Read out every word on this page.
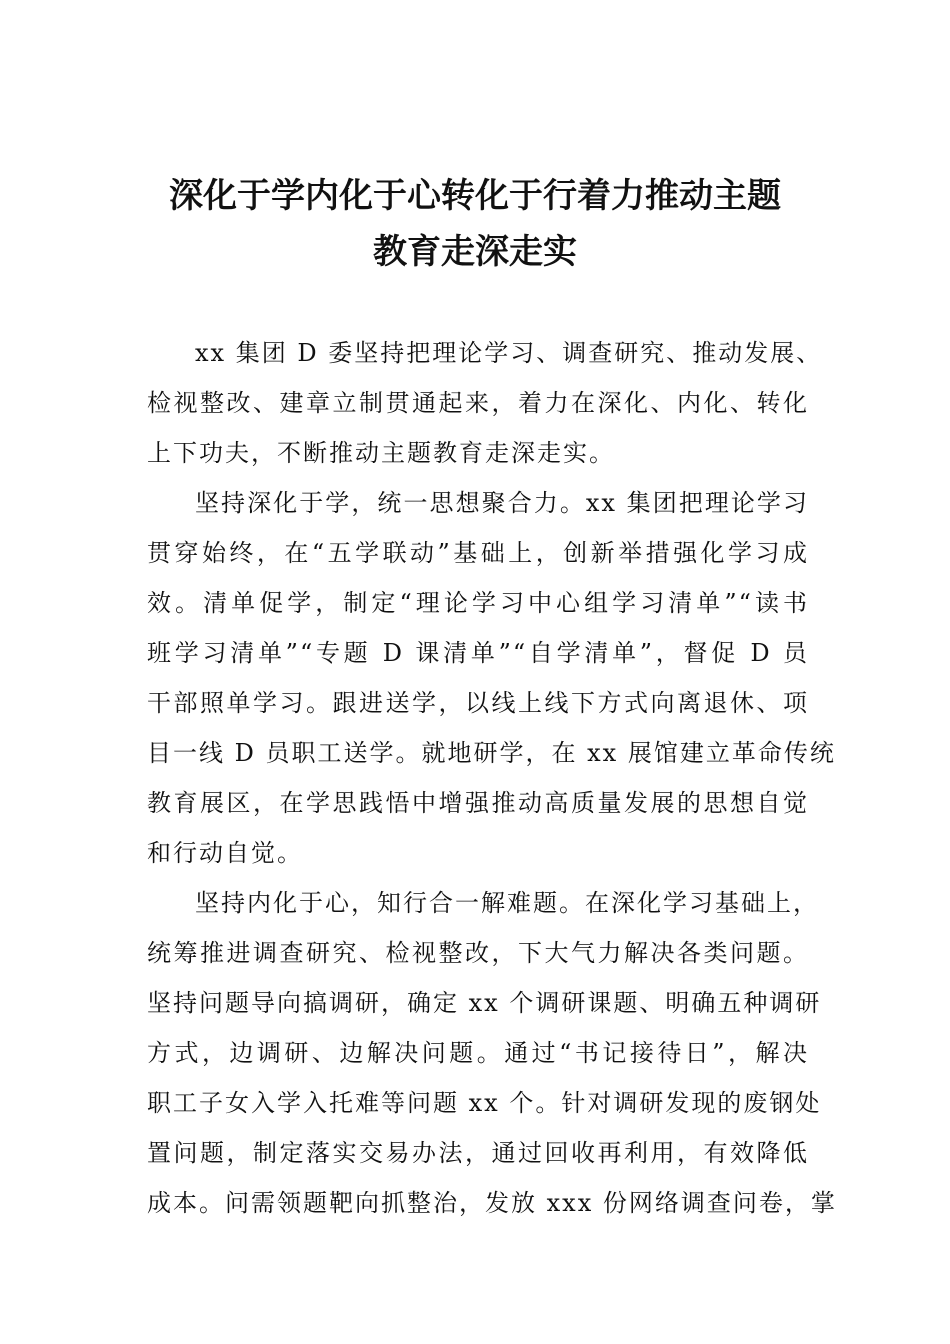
深化于学内化于心转化于行着力推动主题
教育走深走实
xx 集团 D 委坚持把理论学习、调查研究、推动发展、
检视整改、建章立制贯通起来，着力在深化、内化、转化
上下功夫，不断推动主题教育走深走实。
坚持深化于学，统一思想聚合力。xx 集团把理论学习
贯穿始终，在“五学联动”基础上，创新举措强化学习成
效。清单促学，制定“理论学习中心组学习清单”“读书
班学习清单”“专题 D 课清单”“自学清单”，督促 D 员
干部照单学习。跟进送学，以线上线下方式向离退休、项
目一线 D 员职工送学。就地研学，在 xx 展馆建立革命传统
教育展区，在学思践悟中增强推动高质量发展的思想自觉
和行动自觉。
坚持内化于心，知行合一解难题。在深化学习基础上，
统筹推进调查研究、检视整改，下大气力解决各类问题。
坚持问题导向搞调研，确定 xx 个调研课题、明确五种调研
方式，边调研、边解决问题。通过“书记接待日”，解决
职工子女入学入托难等问题 xx 个。针对调研发现的废钢处
置问题，制定落实交易办法，通过回收再利用，有效降低
成本。问需领题靶向抓整治，发放 xxx 份网络调查问卷，掌
